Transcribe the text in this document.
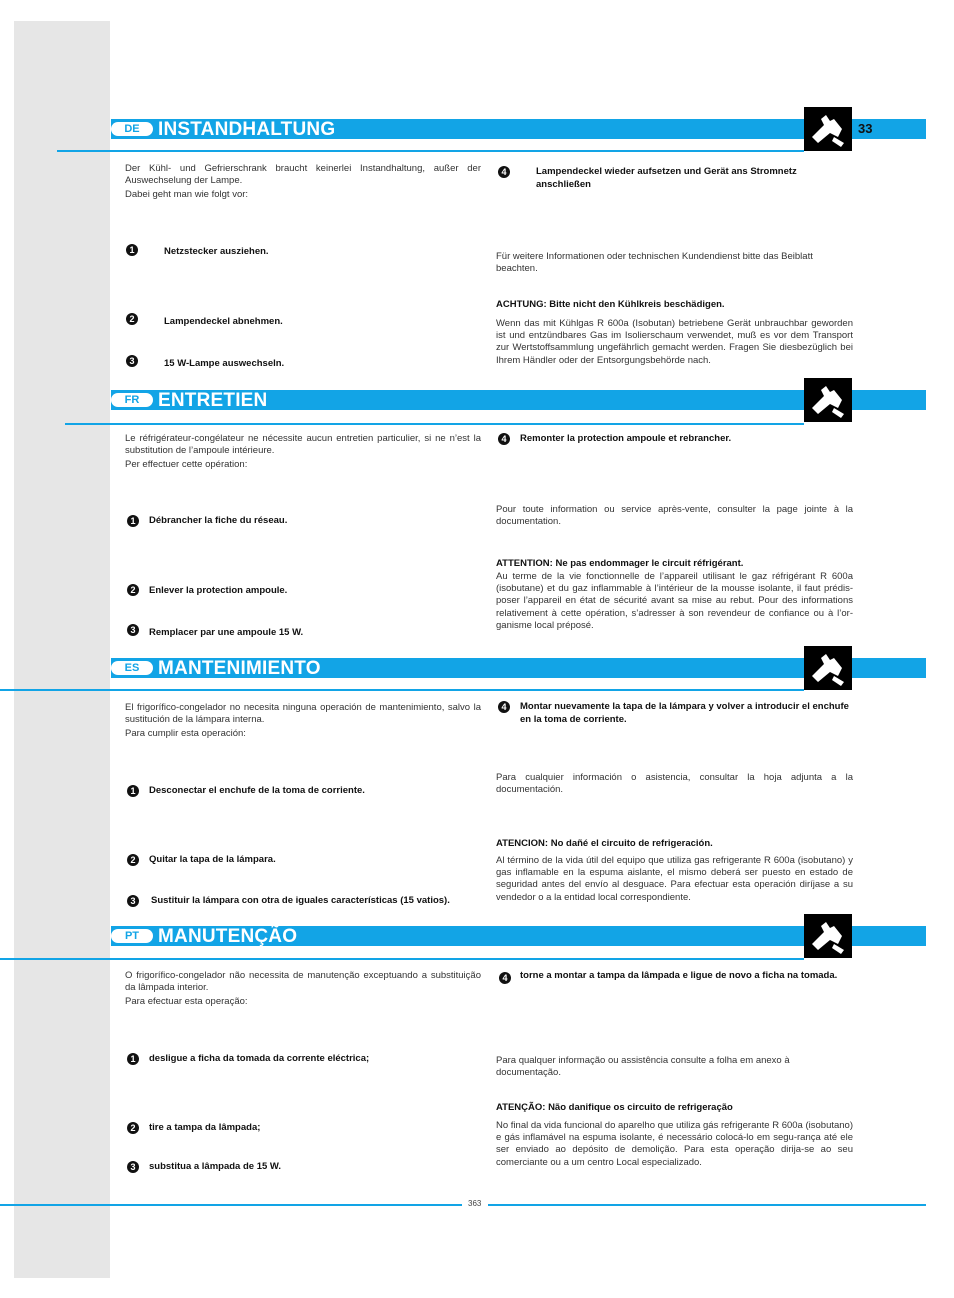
DE INSTANDHALTUNG	33
Der Kühl- und Gefrierschrank braucht keinerlei Instandhaltung, außer der Auswechselung der Lampe.
Dabei geht man wie folgt vor:
1	Netzstecker ausziehen.
2	Lampendeckel abnehmen.
3	15 W-Lampe auswechseln.
4	Lampendeckel wieder aufsetzen und Gerät ans Stromnetz anschließen
Für weitere Informationen oder technischen Kundendienst bitte das Beiblatt beachten.
ACHTUNG: Bitte nicht den Kühlkreis beschädigen.
Wenn das mit Kühlgas R 600a (Isobutan) betriebene Gerät unbrauchbar geworden ist und entzündbares Gas im Isolierschaum verwendet, muß es vor dem Transport zur Wertstoffsammlung ungefährlich gemacht werden. Fragen Sie diesbezüglich bei Ihrem Händler oder der Entsorgungsbehörde nach.
FR ENTRETIEN
Le réfrigérateur-congélateur ne nécessite aucun entretien particulier, si ne n’est la substitution de l’ampoule intérieure.
Per effectuer cette opération:
1	Débrancher la fiche du réseau.
2	Enlever la protection ampoule.
3	Remplacer par une ampoule 15 W.
4	Remonter la protection ampoule et rebrancher.
Pour toute information ou service après-vente, consulter la page jointe à la documentation.
ATTENTION: Ne pas endommager le circuit réfrigérant.
Au terme de la vie fonctionnelle de l’appareil utilisant le gaz réfrigérant R 600a (isobutane) et du gaz inflammable à l’intérieur de la mousse isolante, il faut prédis-poser l’appareil en état de sécurité avant sa mise au rebut. Pour des informations relativement à cette opération, s’adresser à son revendeur de confiance ou à l’or-ganisme local préposé.
ES MANTENIMIENTO
El frigorífico-congelador no necesita ninguna operación de mantenimiento, salvo la sustitución de la lámpara interna.
Para cumplir esta operación:
1	Desconectar el enchufe de la toma de corriente.
2	Quitar la tapa de la lámpara.
3	Sustituir la lámpara con otra de iguales características (15 vatios).
4	Montar nuevamente la tapa de la lámpara y volver a introducir el enchufe en la toma de corriente.
Para cualquier información o asistencia, consultar la hoja adjunta a la documentación.
ATENCION: No dañé el circuito de refrigeración.
Al término de la vida útil del equipo que utiliza gas refrigerante R 600a (isobutano) y gas inflamable en la espuma aislante, el mismo deberá ser puesto en estado de seguridad antes del envío al desguace. Para efectuar esta operación diríjase a su vendedor o a la entidad local correspondiente.
PT MANUTENÇÃO
O frigorífico-congelador não necessita de manutenção exceptuando a substituição da lâmpada interior.
Para efectuar esta operação:
1	desligue a ficha da tomada da corrente eléctrica;
2	tire a tampa da lâmpada;
3	substitua a lâmpada de 15 W.
4	torne a montar a tampa da lâmpada e ligue de novo a ficha na tomada.
Para qualquer informação ou assistência consulte a folha em anexo à documentação.
ATENÇÃO: Não danifique os circuito de refrigeração
No final da vida funcional do aparelho que utiliza gás refrigerante R 600a (isobutano) e gás inflamável na espuma isolante, é necessário colocá-lo em segu-rança até ele ser enviado ao depósito de demolição. Para esta operação dirija-se ao seu comerciante ou a um centro Local especializado.
363
